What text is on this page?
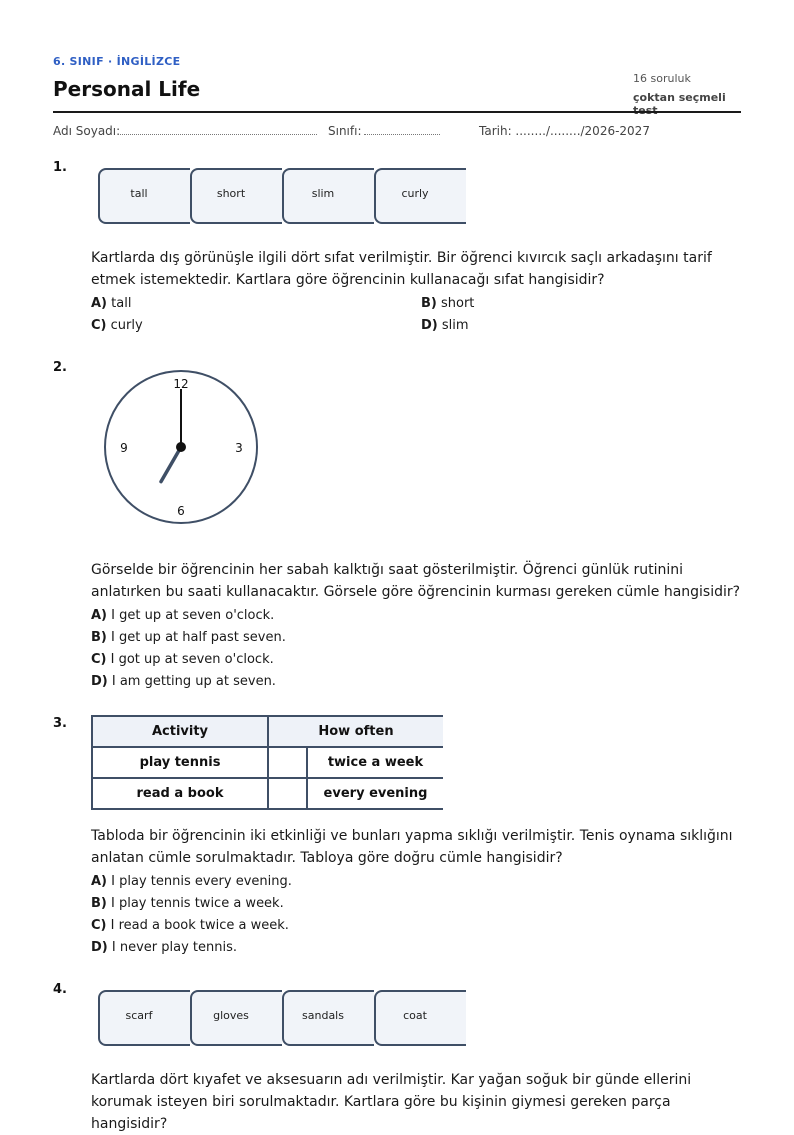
6. SINIF · İNGİLİZCE
Personal Life	16 soruluk
çoktan seçmeli
Adı Soyadı:	Sınıfı:	Tarih: ......../......../2026-2027
1.
tall	short	slim	curly
Kartlarda dış görünüşle ilgili dört sıfat verilmiştir. Bir öğrenci kıvırcık saçlı arkadaşını tarif etmek istemektedir. Kartlara göre öğrencinin kullanacağı sıfat hangisidir?
A) tall	B) short
C) curly	D) slim
2.
12
3
6
9
Görselde bir öğrencinin her sabah kalktığı saat gösterilmiştir. Öğrenci günlük rutinini anlatırken bu saati kullanacaktır. Görsele göre öğrencinin kurması gereken cümle hangisidir?
A) I get up at seven o'clock.
B) I get up at half past seven.
C) I got up at seven o'clock.
D) I am getting up at seven.
3.
Activity	How often	
play tennis		twice a week
read a book		every evening
Tabloda bir öğrencinin iki etkinliği ve bunları yapma sıklığı verilmiştir. Tenis oynama sıklığını anlatan cümle sorulmaktadır. Tabloya göre doğru cümle hangisidir?
A) I play tennis every evening.
B) I play tennis twice a week.
C) I read a book twice a week.
D) I never play tennis.
4.
scarf	gloves	sandals	coat
Kartlarda dört kıyafet ve aksesuarın adı verilmiştir. Kar yağan soğuk bir günde ellerini korumak isteyen biri sorulmaktadır. Kartlara göre bu kişinin giymesi gereken parça hangisidir?
